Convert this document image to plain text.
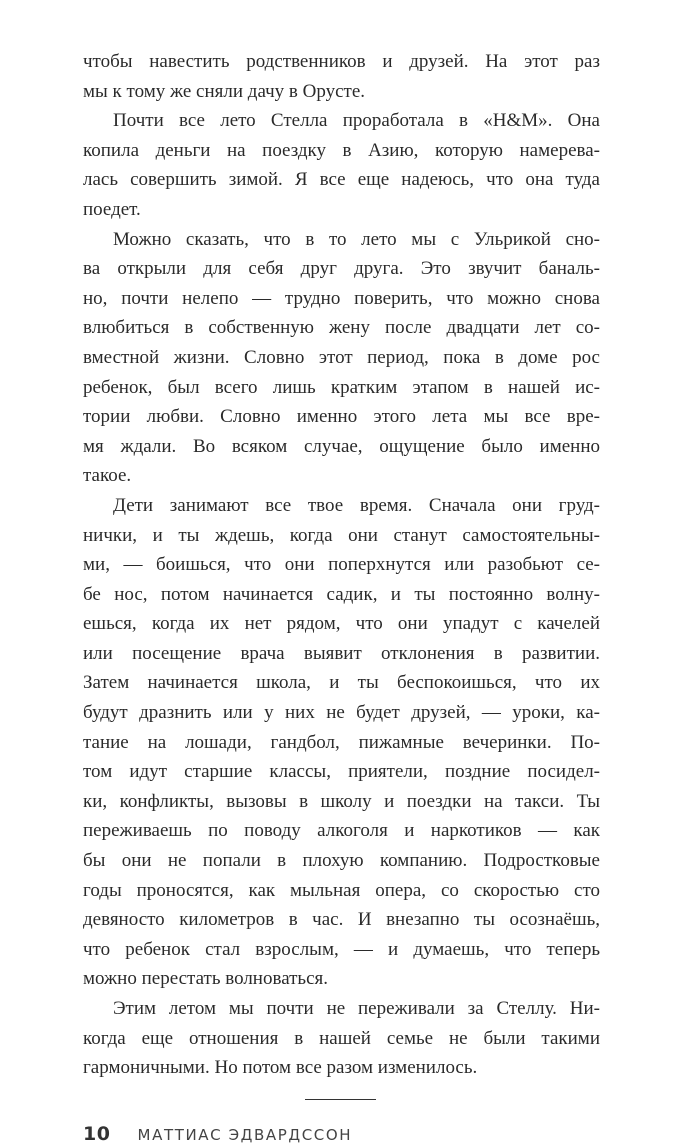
чтобы навестить родственников и друзей. На этот раз
мы к тому же сняли дачу в Орусте.
Почти все лето Стелла проработала в «H&M». Она
копила деньги на поездку в Азию, которую намерева-
лась совершить зимой. Я все еще надеюсь, что она туда
поедет.
Можно сказать, что в то лето мы с Ульрикой сно-
ва открыли для себя друг друга. Это звучит баналь-
но, почти нелепо — трудно поверить, что можно снова
влюбиться в собственную жену после двадцати лет со-
вместной жизни. Словно этот период, пока в доме рос
ребенок, был всего лишь кратким этапом в нашей ис-
тории любви. Словно именно этого лета мы все вре-
мя ждали. Во всяком случае, ощущение было именно
такое.
Дети занимают все твое время. Сначала они груд-
нички, и ты ждешь, когда они станут самостоятельны-
ми, — боишься, что они поперхнутся или разобьют се-
бе нос, потом начинается садик, и ты постоянно волну-
ешься, когда их нет рядом, что они упадут с качелей
или посещение врача выявит отклонения в развитии.
Затем начинается школа, и ты беспокоишься, что их
будут дразнить или у них не будет друзей, — уроки, ка-
тание на лошади, гандбол, пижамные вечеринки. По-
том идут старшие классы, приятели, поздние посидел-
ки, конфликты, вызовы в школу и поездки на такси. Ты
переживаешь по поводу алкоголя и наркотиков — как
бы они не попали в плохую компанию. Подростковые
годы проносятся, как мыльная опера, со скоростью сто
девяносто километров в час. И внезапно ты осознаёшь,
что ребенок стал взрослым, — и думаешь, что теперь
можно перестать волноваться.
Этим летом мы почти не переживали за Стеллу. Ни-
когда еще отношения в нашей семье не были такими
гармоничными. Но потом все разом изменилось.
10 МАТТИАС ЭДВАРДССОН
